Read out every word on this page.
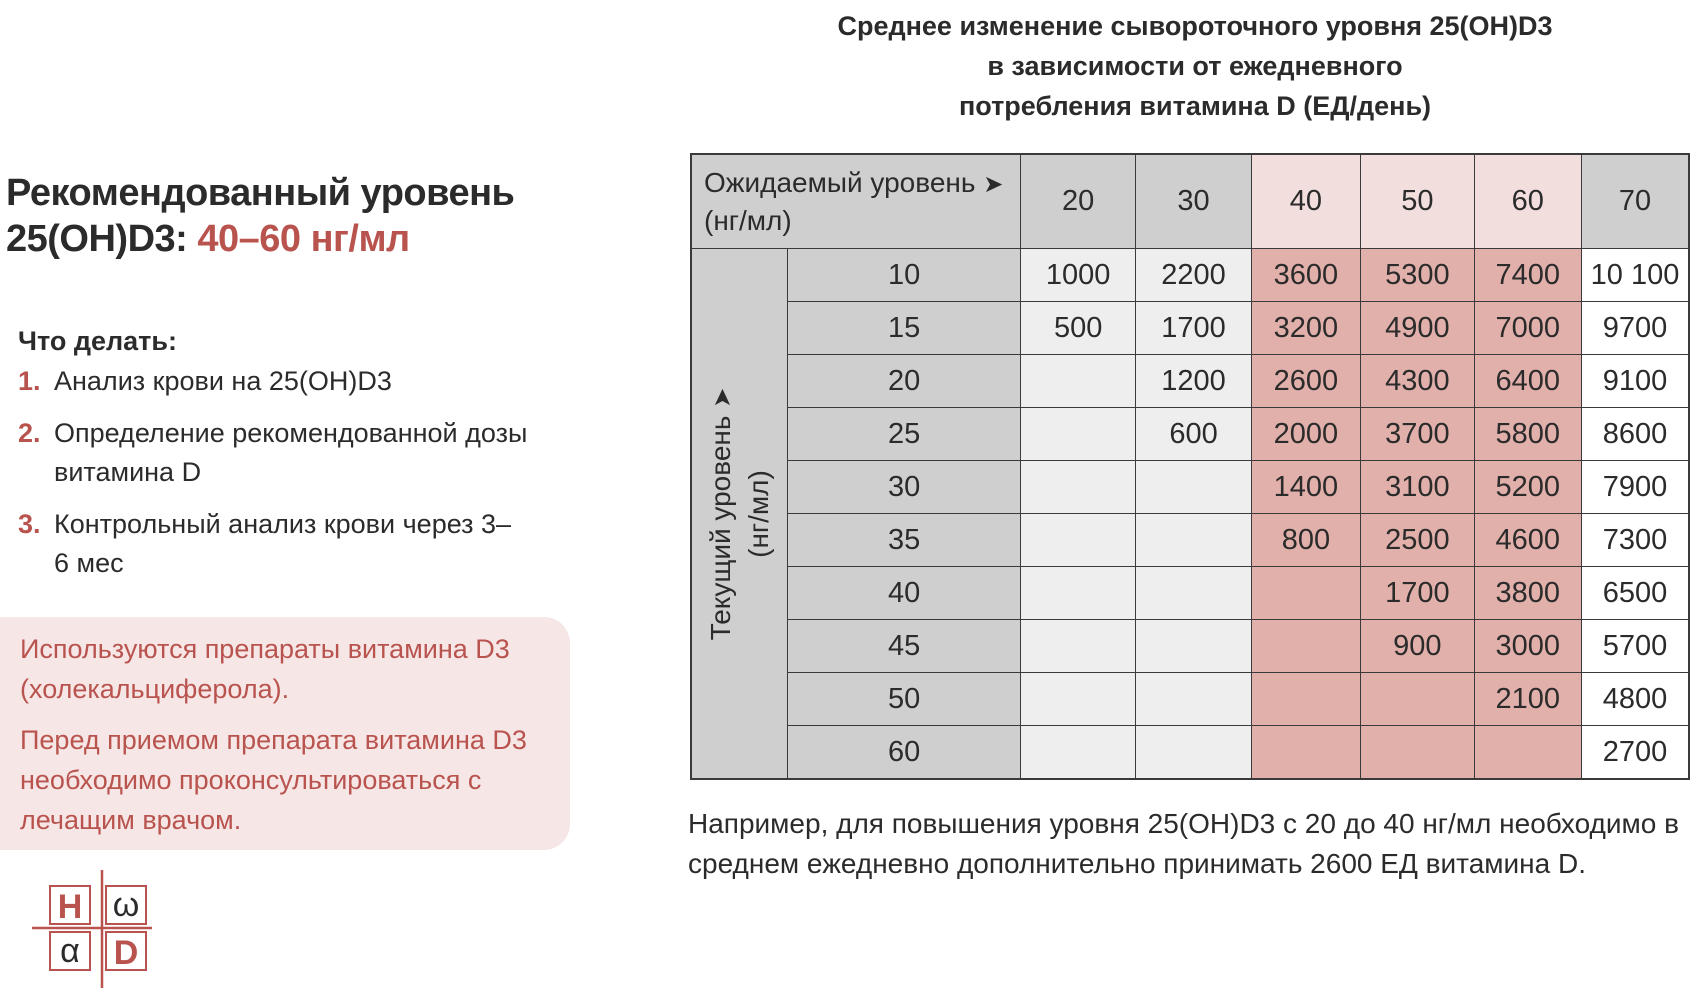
Рекомендованный уровень
25(OH)D3: 40–60 нг/мл
Что делать:
1. Анализ крови на 25(OH)D3
2. Определение рекомендованной дозы витамина D
3. Контрольный анализ крови через 3–6 мес

Используются препараты витамина D3 (холекальциферола).

Перед приемом препарата витамина D3 необходимо проконсультироваться с лечащим врачом.

H ω
α D
Среднее изменение сывороточного уровня 25(OH)D3
в зависимости от ежедневного
потребления витамина D (ЕД/день)
Ожидаемый уровень ➤
(нг/мл)		20	30	40	50	60	70

Текущий уровень ➤
(нг/мл)	10	1000	2200	3600	5300	7400	10 100
	15	500	1700	3200	4900	7000	9700
	20		1200	2600	4300	6400	9100
	25		600	2000	3700	5800	8600
	30			1400	3100	5200	7900
	35			800	2500	4600	7300
	40				1700	3800	6500
	45				900	3000	5700
	50					2100	4800
	60						2700
Например, для повышения уровня 25(OH)D3 с 20 до 40 нг/мл необходимо в среднем ежедневно дополнительно принимать 2600 ЕД витамина D.
